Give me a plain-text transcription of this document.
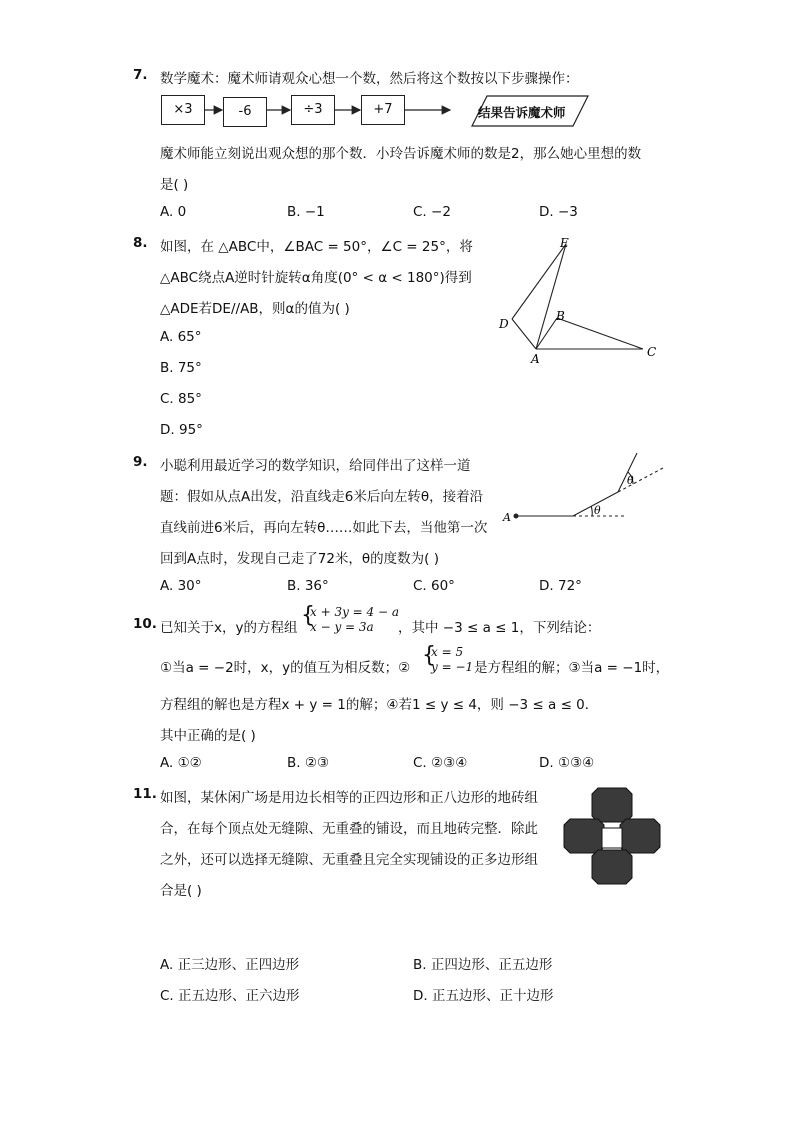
7. 数学魔术：魔术师请观众心想一个数，然后将这个数按以下步骤操作：
×3	-6	÷3	+7	结果告诉魔术师
魔术师能立刻说出观众想的那个数．小玲告诉魔术师的数是2，那么她心里想的数
是( )
A. 0	B. −1	C. −2	D. −3
8. 如图，在 △ABC中，∠BAC = 50°，∠C = 25°，将
△ABC绕点A逆时针旋转α角度(0° < α < 180°)得到
△ADE若DE//AB，则α的值为( )
A. 65°
B. 75°
C. 85°
D. 95°
E
D
B
A	C
9. 小聪利用最近学习的数学知识，给同伴出了这样一道
题：假如从点A出发，沿直线走6米后向左转θ，接着沿
直线前进6米后，再向左转θ……如此下去，当他第一次
回到A点时，发现自己走了72米，θ的度数为( )
A. 30°	B. 36°	C. 60°	D. 72°
A
θ
θ
10. 已知关于x，y的方程组 {
x + 3y = 4 − a
x − y = 3a ，其中 −3 ≤ a ≤ 1，下列结论：
①当a = −2时，x，y的值互为相反数；② {
x = 5
y = −1 是方程组的解；③当a = −1时，
方程组的解也是方程x + y = 1的解；④若1 ≤ y ≤ 4，则 −3 ≤ a ≤ 0．
其中正确的是( )
A. ①②	B. ②③	C. ②③④	D. ①③④
11. 如图，某休闲广场是用边长相等的正四边形和正八边形的地砖组
合，在每个顶点处无缝隙、无重叠的铺设，而且地砖完整．除此
之外，还可以选择无缝隙、无重叠且完全实现铺设的正多边形组
合是( )
A. 正三边形、正四边形	B. 正四边形、正五边形
C. 正五边形、正六边形	D. 正五边形、正十边形
